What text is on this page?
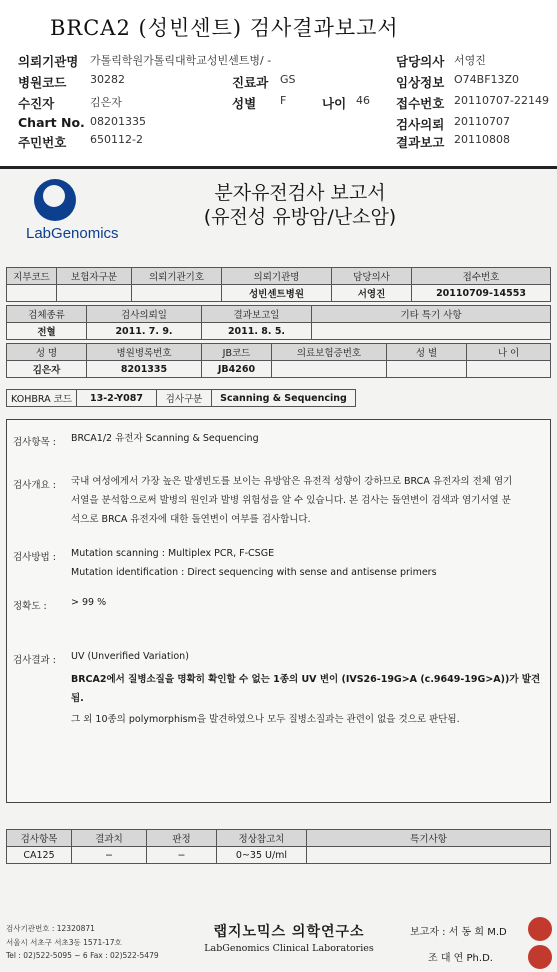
BRCA2 (성빈센트) 검사결과보고서
의뢰기관명 가톨릭학원가톨릭대학교성빈센트병/ -	담당의사 서영진
병원코드 30282	진료과 GS	임상정보 O74BF13Z0
수진자	김은자	성별 F	나이 46 접수번호 20110707-22149
Chart No. 08201335	검사의뢰 20110707
주민번호 650112-2	결과보고 20110808
LabGenomics
분자유전검사 보고서
(유전성 유방암/난소암)
지부코드	보험자구분	의뢰기관기호	의뢰기관명	담당의사	접수번호
			성빈센트병원	서영진	20110709-14553
검체종류	검사의뢰일	결과보고일	기타 특기 사항
전혈	2011. 7. 9.	2011. 8. 5.	
성 명	병원병록번호	JB코드	의료보험증번호	성 별	나 이
김은자	8201335	JB4260			
KOHBRA 코드	13-2-Y087	검사구분	Scanning & Sequencing
검사항목 : BRCA1/2 유전자 Scanning & Sequencing
검사개요 : 국내 여성에게서 가장 높은 발생빈도를 보이는 유방암은 유전적 성향이 강하므로 BRCA 유전자의 전체 염기
서열을 분석함으로써 발병의 원인과 발병 위험성을 알 수 있습니다. 본 검사는 돌연변이 검색과 염기서열 분
석으로 BRCA 유전자에 대한 돌연변이 여부를 검사합니다.
검사방법 : Mutation scanning : Multiplex PCR, F-CSGE
Mutation identification : Direct sequencing with sense and antisense primers
정확도 :	> 99 %
검사결과 : UV (Unverified Variation)
BRCA2에서 질병소질을 명확히 확인할 수 없는 1종의 UV 변이 (IVS26-19G>A (c.9649-19G>A))가 발견됨.
그 외 10종의 polymorphism을 발견하였으나 모두 질병소질과는 관련이 없을 것으로 판단됨.
검사항목	결과치	판정	정상참고치	특기사항
CA125	−	−	0~35 U/ml	
검사기관번호 : 12320871
서울시 서초구 서초3동 1571-17호
Tel : 02)522-5095 ~ 6 Fax : 02)522-5479
랩지노믹스 의학연구소
LabGenomics Clinical Laboratories
보고자 : 서 동 희 M.D
조 대 연 Ph.D.
